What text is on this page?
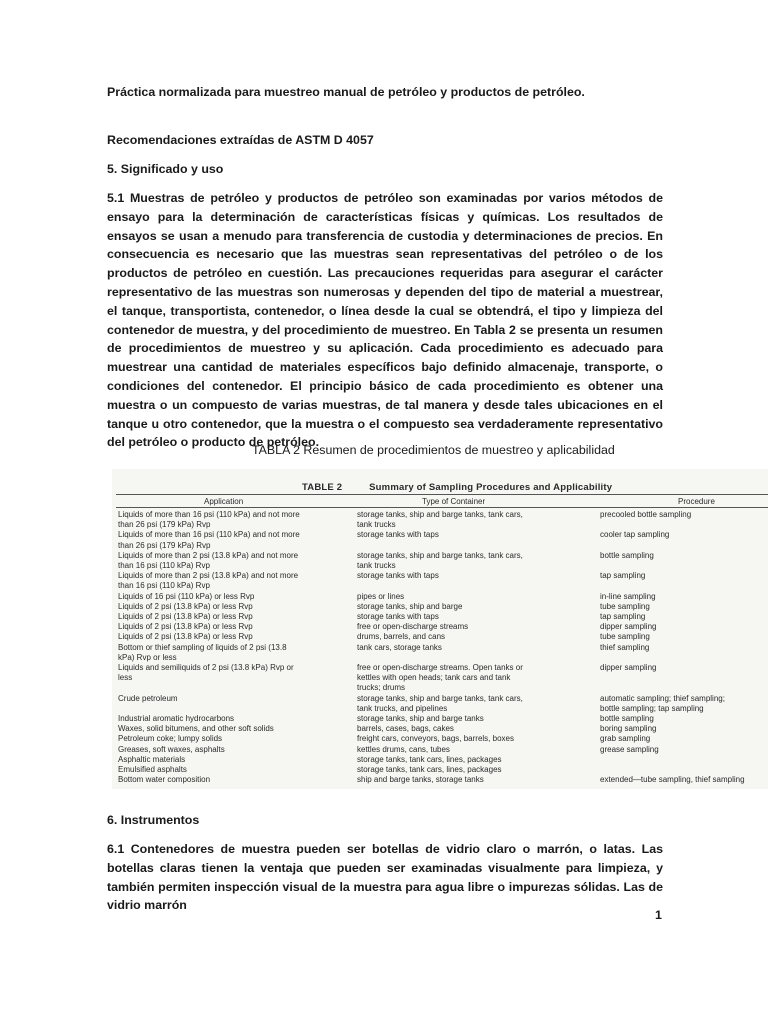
Práctica normalizada para muestreo manual de petróleo y productos de petróleo.

Recomendaciones extraídas de ASTM D 4057

5. Significado y uso

5.1 Muestras de petróleo y productos de petróleo son examinadas por varios métodos de ensayo para la determinación de características físicas y químicas. Los resultados de ensayos se usan a menudo para transferencia de custodia y determinaciones de precios. En consecuencia es necesario que las muestras sean representativas del petróleo o de los productos de petróleo en cuestión. Las precauciones requeridas para asegurar el carácter representativo de las muestras son numerosas y dependen del tipo de material a muestrear, el tanque, transportista, contenedor, o línea desde la cual se obtendrá, el tipo y limpieza del contenedor de muestra, y del procedimiento de muestreo. En Tabla 2 se presenta un resumen de procedimientos de muestreo y su aplicación. Cada procedimiento es adecuado para muestrear una cantidad de materiales específicos bajo definido almacenaje, transporte, o condiciones del contenedor. El principio básico de cada procedimiento es obtener una muestra o un compuesto de varias muestras, de tal manera y desde tales ubicaciones en el tanque u otro contenedor, que la muestra o el compuesto sea verdaderamente representativo del petróleo o producto de petróleo.

TABLA 2 Resumen de procedimientos de muestreo y aplicabilidad

TABLE 2	Summary of Sampling Procedures and Applicability
Application	Type of Container	Procedure
Liquids of more than 16 psi (110 kPa) and not more	storage tanks, ship and barge tanks, tank cars,	precooled bottle sampling
than 26 psi (179 kPa) Rvp	tank trucks
Liquids of more than 16 psi (110 kPa) and not more	storage tanks with taps	cooler tap sampling
than 26 psi (179 kPa) Rvp
Liquids of more than 2 psi (13.8 kPa) and not more	storage tanks, ship and barge tanks, tank cars,	bottle sampling
than 16 psi (110 kPa) Rvp	tank trucks
Liquids of more than 2 psi (13.8 kPa) and not more	storage tanks with taps	tap sampling
than 16 psi (110 kPa) Rvp
Liquids of 16 psi (110 kPa) or less Rvp	pipes or lines	in-line sampling
Liquids of 2 psi (13.8 kPa) or less Rvp	storage tanks, ship and barge	tube sampling
Liquids of 2 psi (13.8 kPa) or less Rvp	storage tanks with taps	tap sampling
Liquids of 2 psi (13.8 kPa) or less Rvp	free or open-discharge streams	dipper sampling
Liquids of 2 psi (13.8 kPa) or less Rvp	drums, barrels, and cans	tube sampling
Bottom or thief sampling of liquids of 2 psi (13.8	tank cars, storage tanks	thief sampling
kPa) Rvp or less
Liquids and semiliquids of 2 psi (13.8 kPa) Rvp or	free or open-discharge streams. Open tanks or	dipper sampling
less	kettles with open heads; tank cars and tank
trucks; drums
Crude petroleum	storage tanks, ship and barge tanks, tank cars,	automatic sampling; thief sampling;
tank trucks, and pipelines	bottle sampling; tap sampling
Industrial aromatic hydrocarbons	storage tanks, ship and barge tanks	bottle sampling
Waxes, solid bitumens, and other soft solids	barrels, cases, bags, cakes	boring sampling
Petroleum coke; lumpy solids	freight cars, conveyors, bags, barrels, boxes	grab sampling
Greases, soft waxes, asphalts	kettles drums, cans, tubes	grease sampling
Asphaltic materials	storage tanks, tank cars, lines, packages
Emulsified asphalts	storage tanks, tank cars, lines, packages
Bottom water composition	ship and barge tanks, storage tanks	extended—tube sampling, thief sampling

6. Instrumentos

6.1 Contenedores de muestra pueden ser botellas de vidrio claro o marrón, o latas. Las botellas claras tienen la ventaja que pueden ser examinadas visualmente para limpieza, y también permiten inspección visual de la muestra para agua libre o impurezas sólidas. Las de vidrio marrón

1
